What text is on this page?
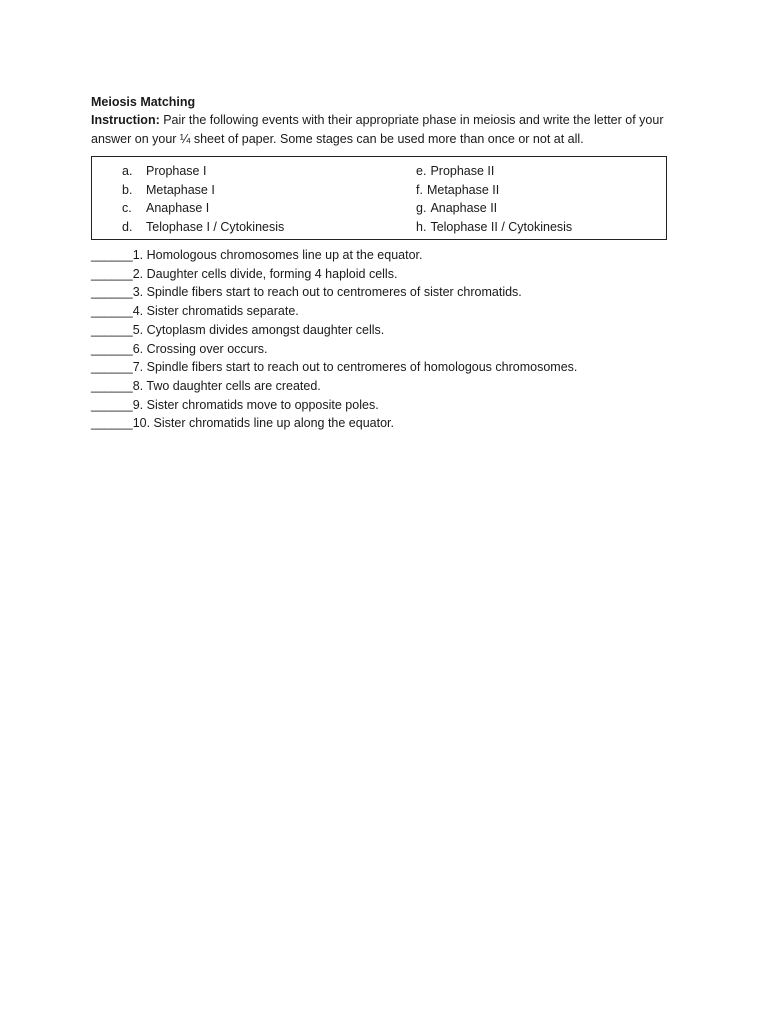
Meiosis Matching

Instruction: Pair the following events with their appropriate phase in meiosis and write the letter of your answer on your ¼ sheet of paper. Some stages can be used more than once or not at all.

a. Prophase I
b. Metaphase I
c. Anaphase I
d. Telophase I / Cytokinesis
e. Prophase II
f. Metaphase II
g. Anaphase II
h. Telophase II / Cytokinesis
______1. Homologous chromosomes line up at the equator.
______2. Daughter cells divide, forming 4 haploid cells.
______3. Spindle fibers start to reach out to centromeres of sister chromatids.
______4. Sister chromatids separate.
______5. Cytoplasm divides amongst daughter cells.
______6. Crossing over occurs.
______7. Spindle fibers start to reach out to centromeres of homologous chromosomes.
______8. Two daughter cells are created.
______9. Sister chromatids move to opposite poles.
______10. Sister chromatids line up along the equator.
